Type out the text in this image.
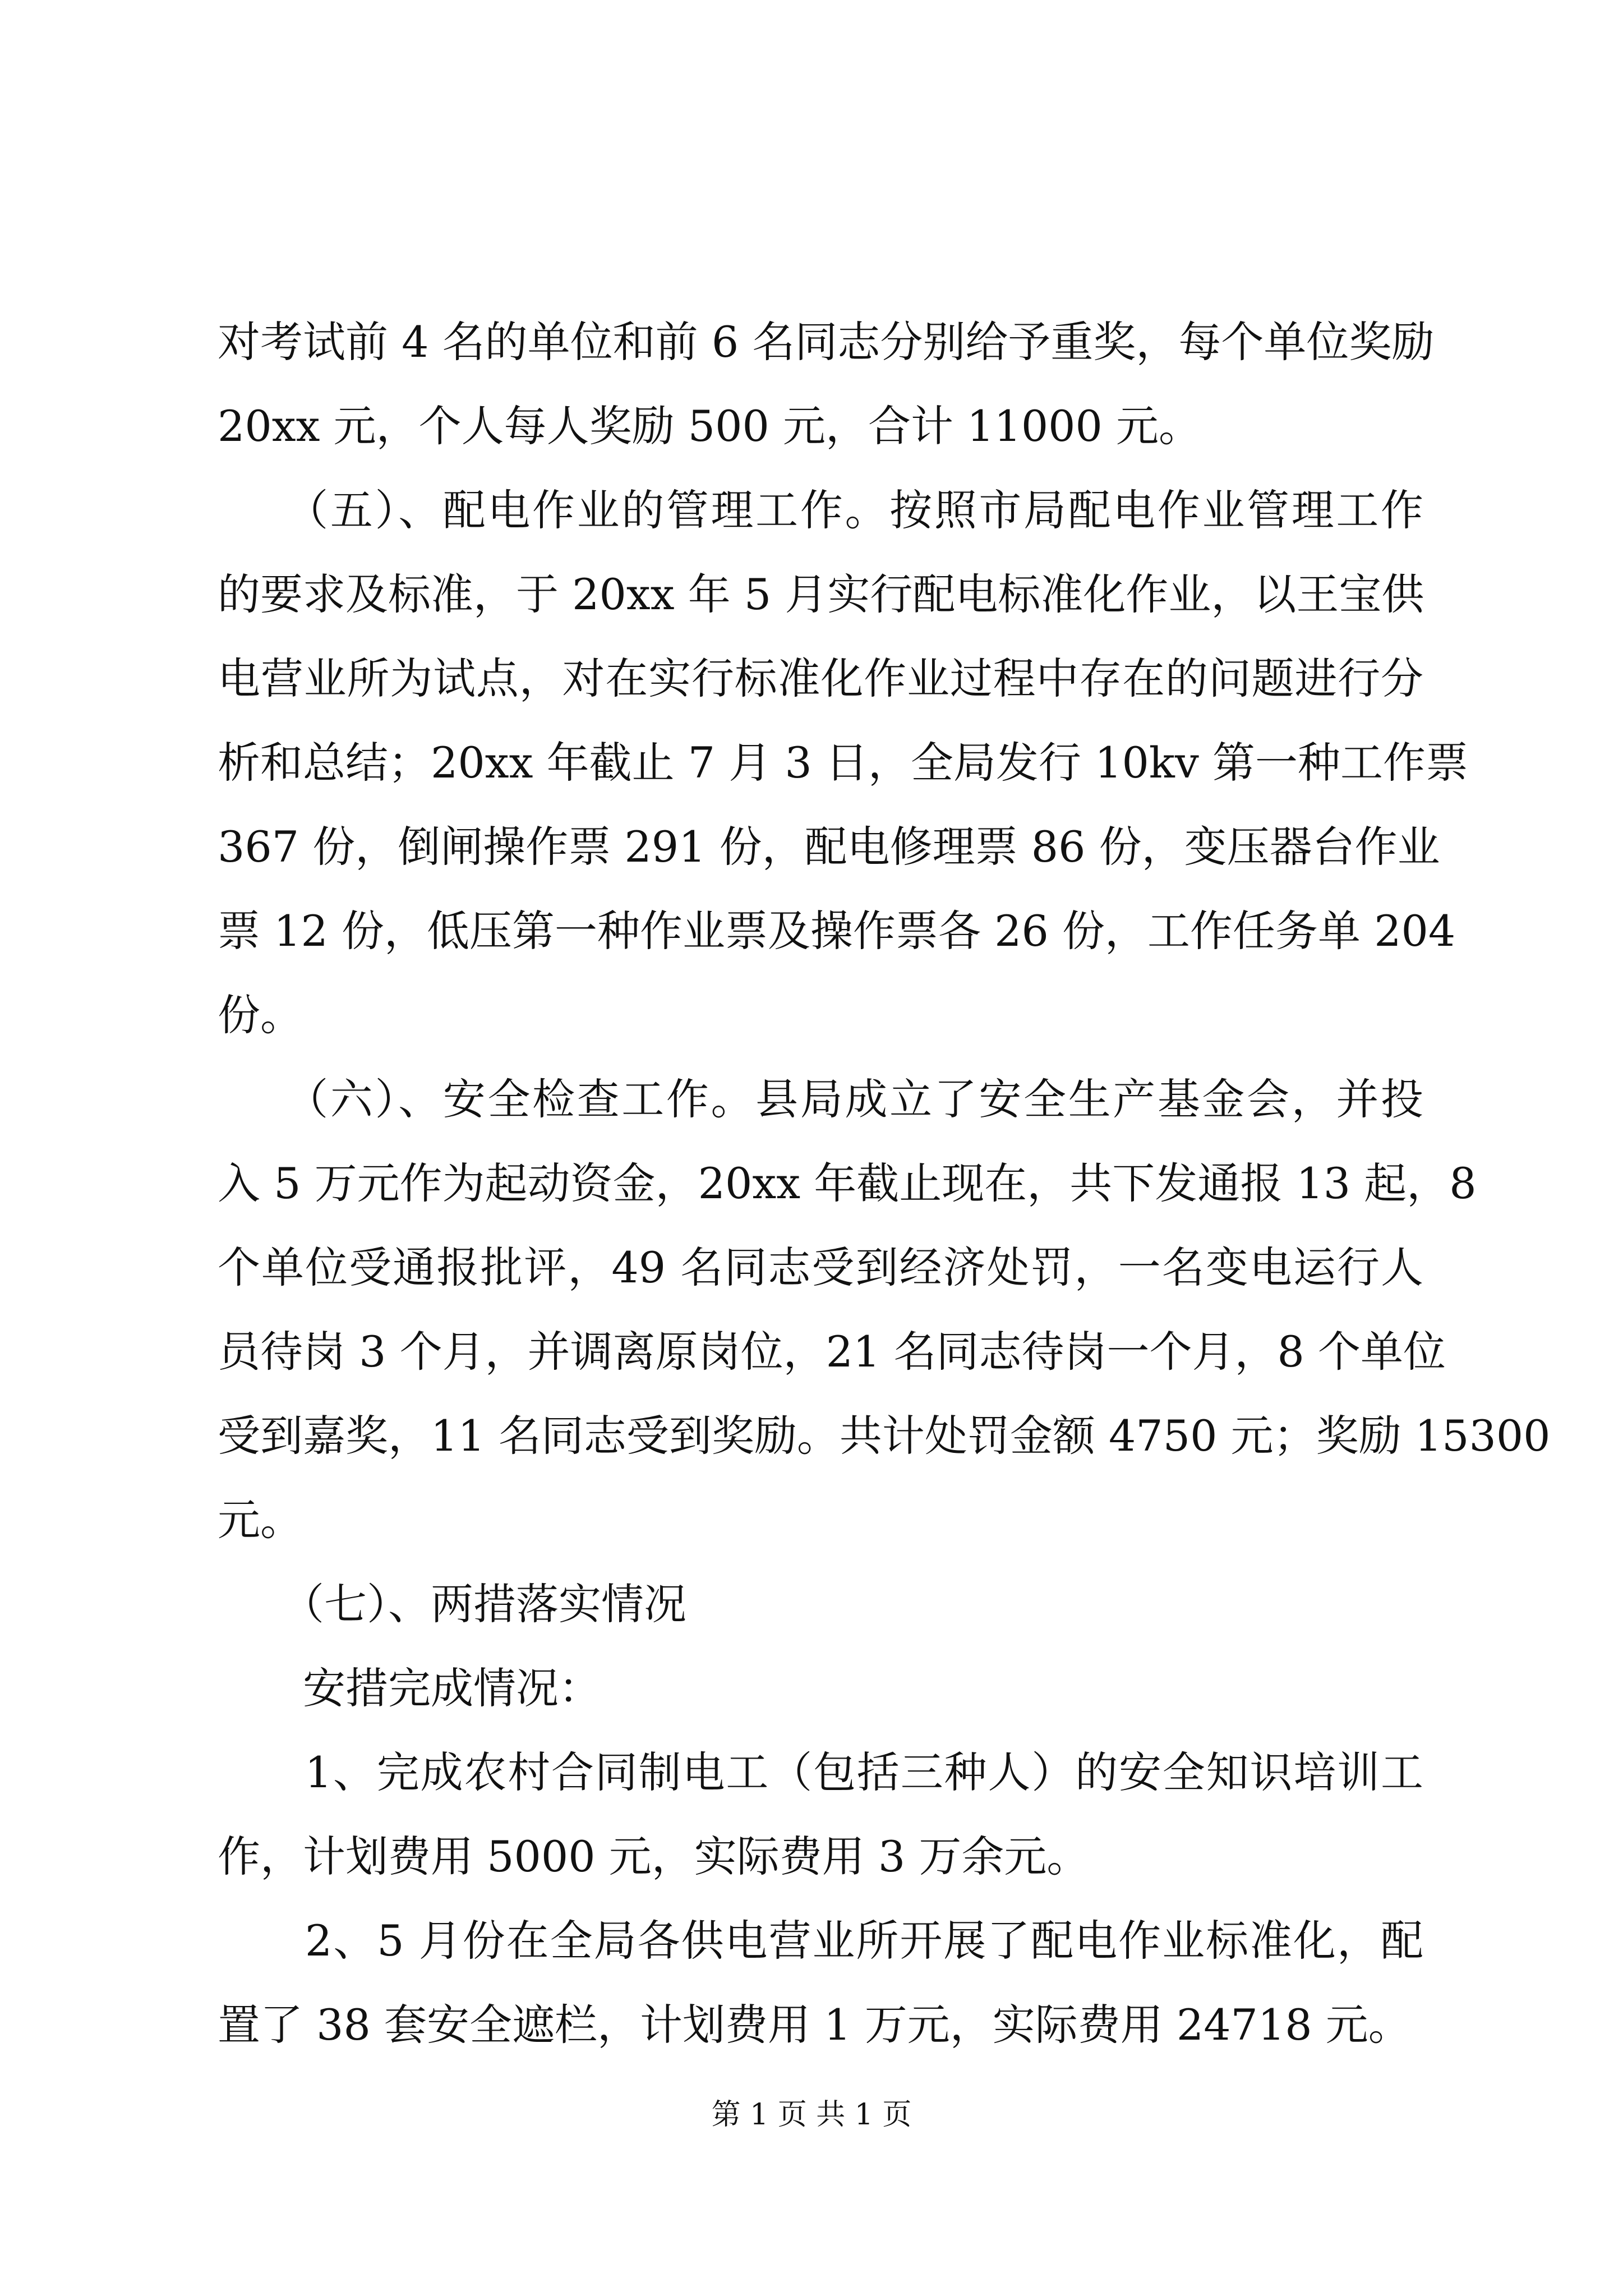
对考试前 4 名的单位和前 6 名同志分别给予重奖，每个单位奖励
20xx 元，个人每人奖励 500 元，合计 11000 元。
　　（五）、配电作业的管理工作。按照市局配电作业管理工作
的要求及标准，于 20xx 年 5 月实行配电标准化作业，以王宝供
电营业所为试点，对在实行标准化作业过程中存在的问题进行分
析和总结；20xx 年截止 7 月 3 日，全局发行 10kv 第一种工作票
367 份，倒闸操作票 291 份，配电修理票 86 份，变压器台作业
票 12 份，低压第一种作业票及操作票各 26 份，工作任务单 204
份。
　　（六）、安全检查工作。县局成立了安全生产基金会，并投
入 5 万元作为起动资金，20xx 年截止现在，共下发通报 13 起，8
个单位受通报批评，49 名同志受到经济处罚，一名变电运行人
员待岗 3 个月，并调离原岗位，21 名同志待岗一个月，8 个单位
受到嘉奖，11 名同志受到奖励。共计处罚金额 4750 元；奖励 15300
元。
　　（七）、两措落实情况
　　安措完成情况：
　　1、完成农村合同制电工（包括三种人）的安全知识培训工
作，计划费用 5000 元，实际费用 3 万余元。
　　2、5 月份在全局各供电营业所开展了配电作业标准化，配
置了 38 套安全遮栏，计划费用 1 万元，实际费用 24718 元。
第 1 页 共 1 页
